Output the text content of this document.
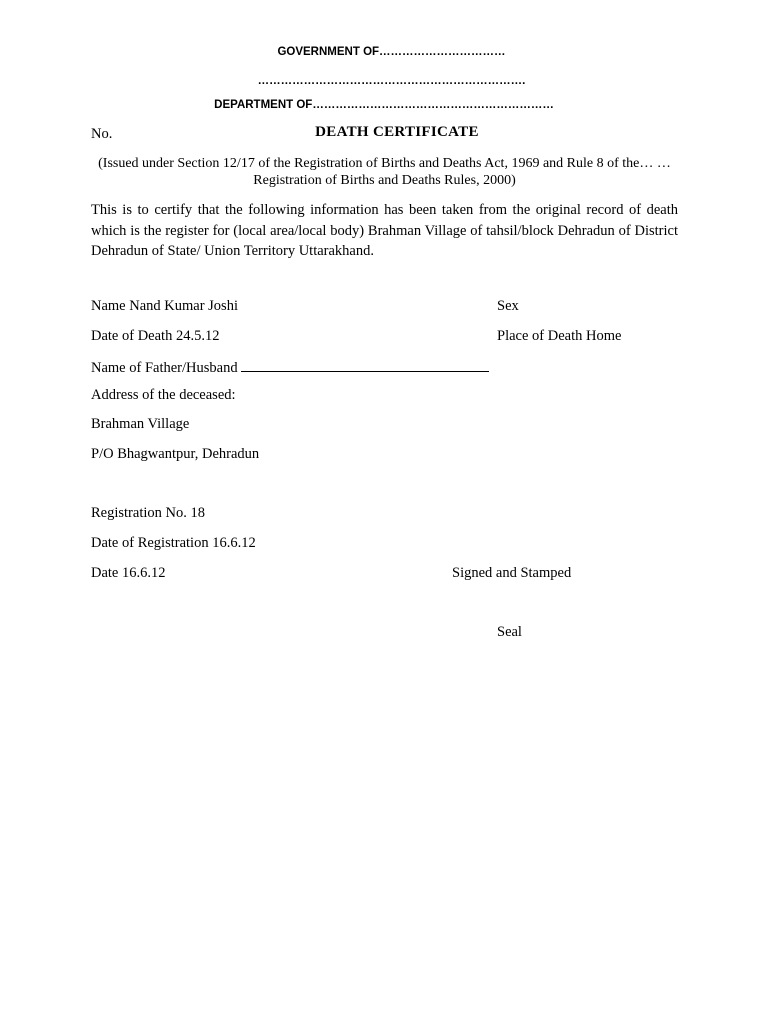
GOVERNMENT OF……………………………
…………………………………………………………….
DEPARTMENT OF………………………………………………………
No.	DEATH CERTIFICATE
(Issued under Section 12/17 of the Registration of Births and Deaths Act, 1969 and Rule 8 of the… …
Registration of Births and Deaths Rules, 2000)
This is to certify that the following information has been taken from the original record of death which is the register for (local area/local body) Brahman Village of tahsil/block Dehradun of District Dehradun of State/ Union Territory Uttarakhand.
Name Nand Kumar Joshi	Sex
Date of Death 24.5.12	Place of Death Home
Name of Father/Husband
Address of the deceased:
Brahman Village
P/O Bhagwantpur, Dehradun
Registration No. 18
Date of Registration 16.6.12
Date 16.6.12	Signed and Stamped
Seal
